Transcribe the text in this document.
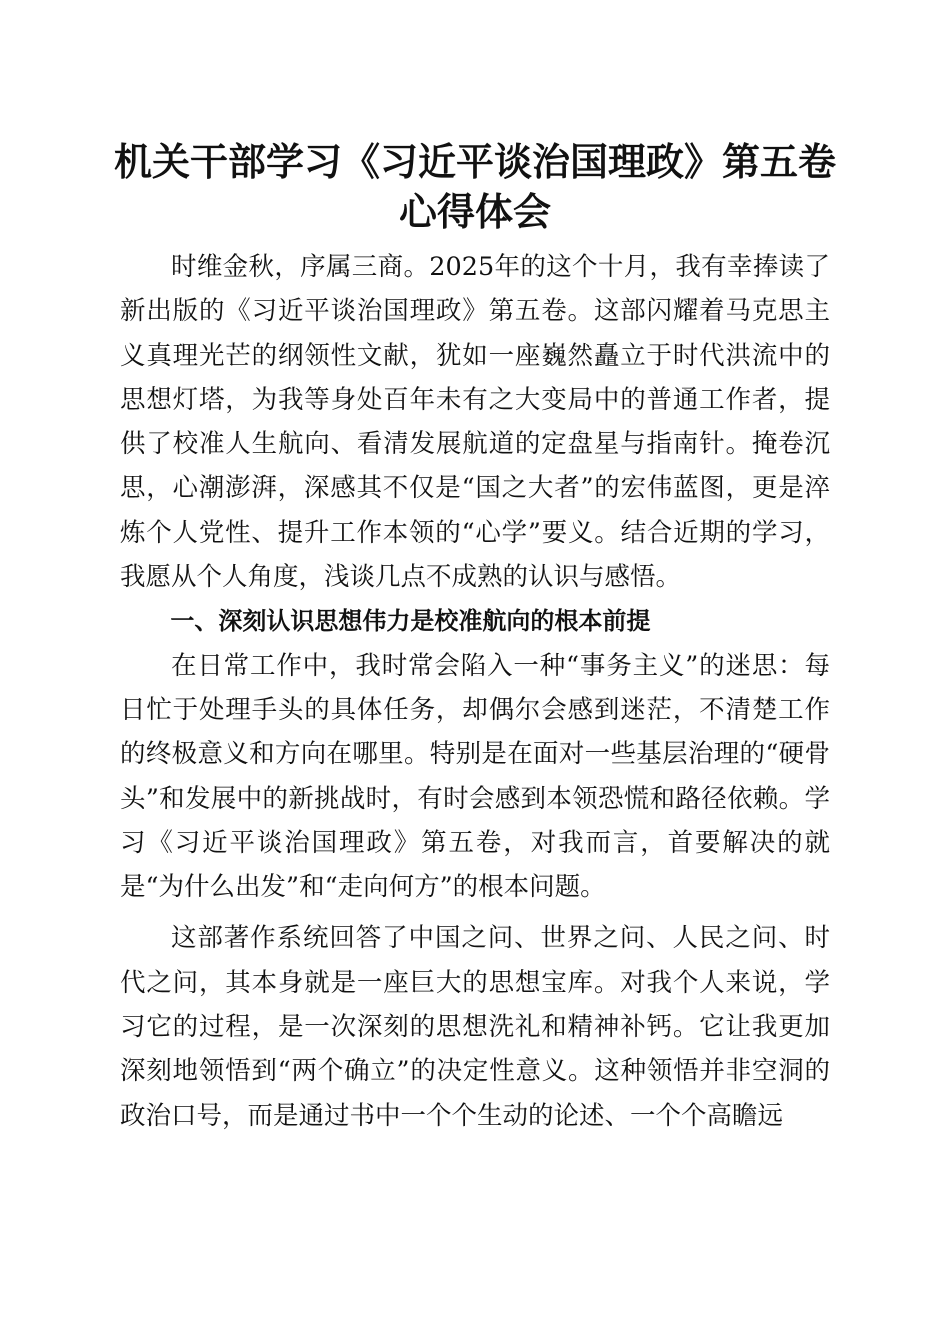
机关干部学习《习近平谈治国理政》第五卷心得体会

时维金秋，序属三商。2025年的这个十月，我有幸捧读了新出版的《习近平谈治国理政》第五卷。这部闪耀着马克思主义真理光芒的纲领性文献，犹如一座巍然矗立于时代洪流中的思想灯塔，为我等身处百年未有之大变局中的普通工作者，提供了校准人生航向、看清发展航道的定盘星与指南针。掩卷沉思，心潮澎湃，深感其不仅是“国之大者”的宏伟蓝图，更是淬炼个人党性、提升工作本领的“心学”要义。结合近期的学习，我愿从个人角度，浅谈几点不成熟的认识与感悟。

一、深刻认识思想伟力是校准航向的根本前提

在日常工作中，我时常会陷入一种“事务主义”的迷思：每日忙于处理手头的具体任务，却偶尔会感到迷茫，不清楚工作的终极意义和方向在哪里。特别是在面对一些基层治理的“硬骨头”和发展中的新挑战时，有时会感到本领恐慌和路径依赖。学习《习近平谈治国理政》第五卷，对我而言，首要解决的就是“为什么出发”和“走向何方”的根本问题。

这部著作系统回答了中国之问、世界之问、人民之问、时代之问，其本身就是一座巨大的思想宝库。对我个人来说，学习它的过程，是一次深刻的思想洗礼和精神补钙。它让我更加深刻地领悟到“两个确立”的决定性意义。这种领悟并非空洞的政治口号，而是通过书中一个个生动的论述、一个个高瞻远
